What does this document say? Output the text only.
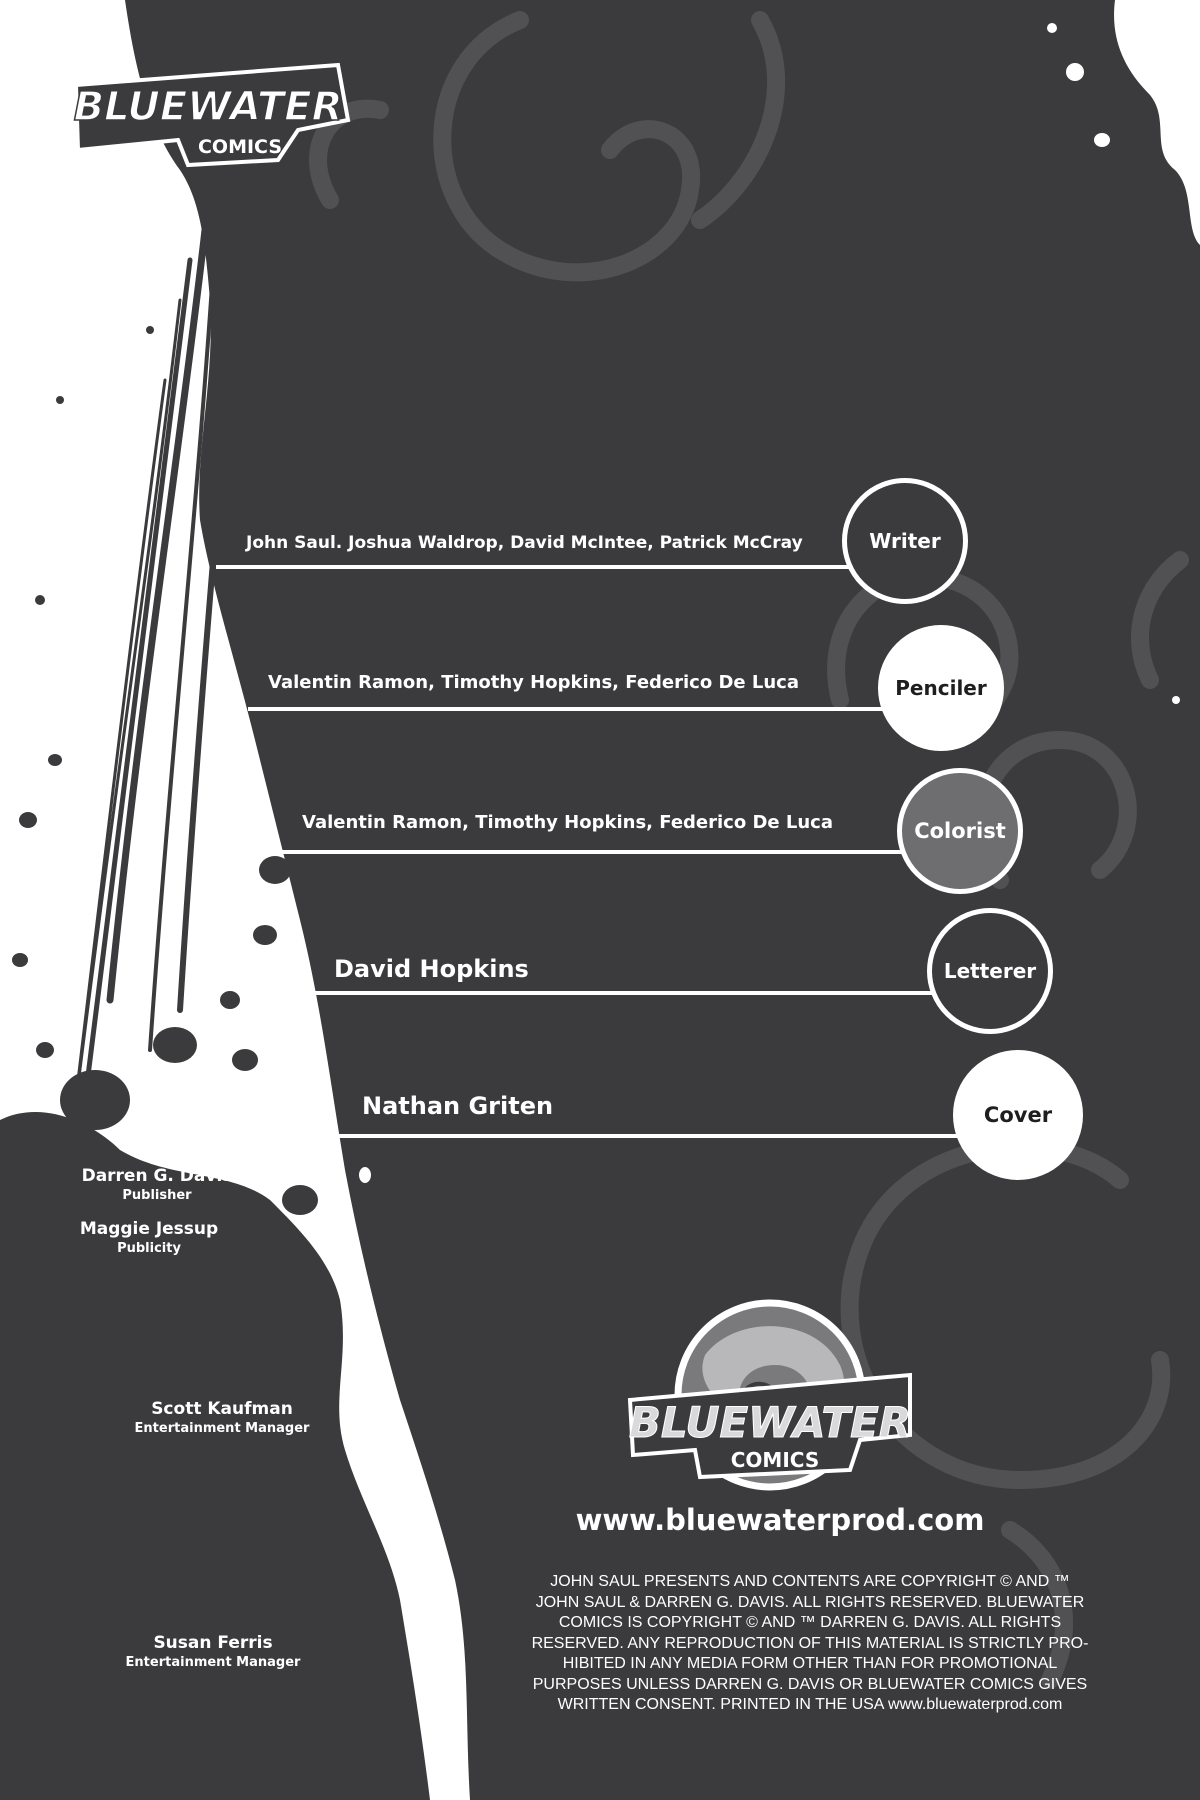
BLUEWATER
COMICS
John Saul. Joshua Waldrop, David McIntee, Patrick McCray	Writer
Valentin Ramon, Timothy Hopkins, Federico De Luca	Penciler
Valentin Ramon, Timothy Hopkins, Federico De Luca	Colorist
David Hopkins	Letterer
Nathan Griten	Cover
Darren G. Davis
Publisher
Maggie Jessup
Publicity
Scott Kaufman
Entertainment Manager
Susan Ferris
Entertainment Manager
BLUEWATER
COMICS
www.bluewaterprod.com
JOHN SAUL PRESENTS AND CONTENTS ARE COPYRIGHT © AND ™ JOHN SAUL & DARREN G. DAVIS. ALL RIGHTS RESERVED. BLUEWATER COMICS IS COPYRIGHT © AND ™ DARREN G. DAVIS. ALL RIGHTS RESERVED. ANY REPRODUCTION OF THIS MATERIAL IS STRICTLY PRO-HIBITED IN ANY MEDIA FORM OTHER THAN FOR PROMOTIONAL PURPOSES UNLESS DARREN G. DAVIS OR BLUEWATER COMICS GIVES WRITTEN CONSENT. PRINTED IN THE USA www.bluewaterprod.com
